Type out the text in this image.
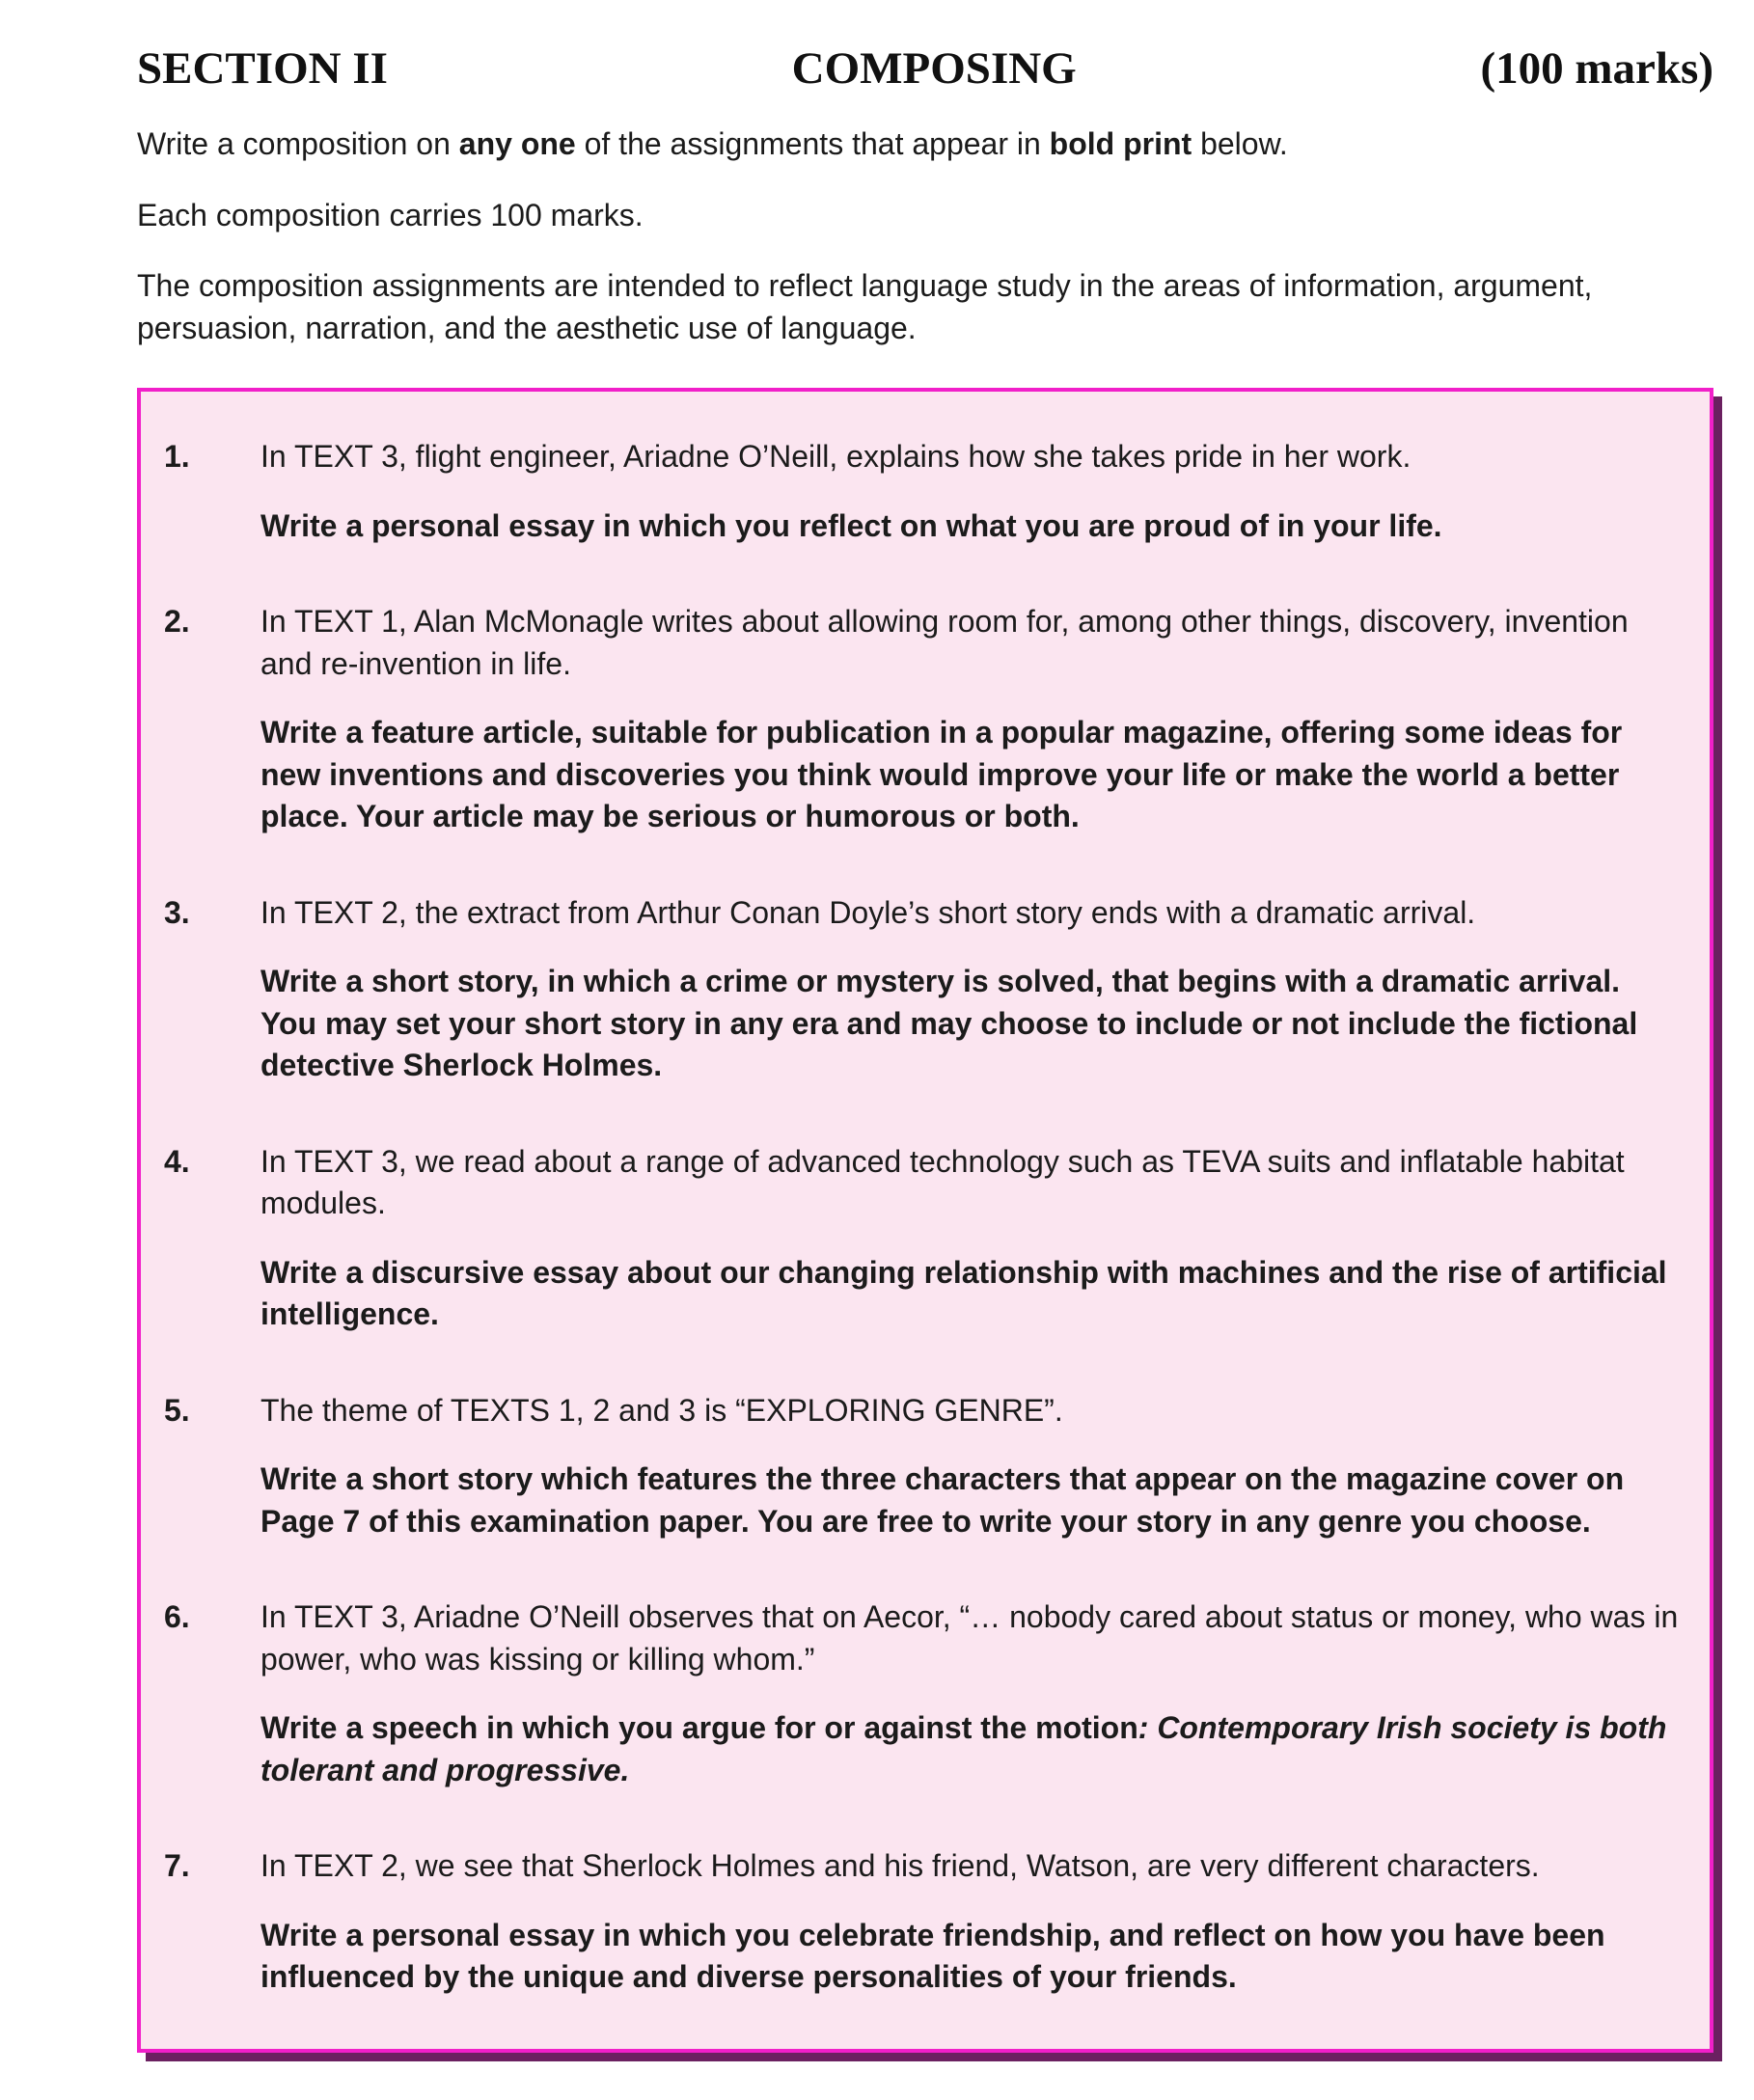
SECTION II	COMPOSING	(100 marks)

Write a composition on any one of the assignments that appear in bold print below.

Each composition carries 100 marks.

The composition assignments are intended to reflect language study in the areas of information, argument, persuasion, narration, and the aesthetic use of language.

1.	In TEXT 3, flight engineer, Ariadne O’Neill, explains how she takes pride in her work.

Write a personal essay in which you reflect on what you are proud of in your life.

2.	In TEXT 1, Alan McMonagle writes about allowing room for, among other things, discovery, invention and re-invention in life.

Write a feature article, suitable for publication in a popular magazine, offering some ideas for new inventions and discoveries you think would improve your life or make the world a better place. Your article may be serious or humorous or both.

3.	In TEXT 2, the extract from Arthur Conan Doyle’s short story ends with a dramatic arrival.

Write a short story, in which a crime or mystery is solved, that begins with a dramatic arrival. You may set your short story in any era and may choose to include or not include the fictional detective Sherlock Holmes.

4.	In TEXT 3, we read about a range of advanced technology such as TEVA suits and inflatable habitat modules.

Write a discursive essay about our changing relationship with machines and the rise of artificial intelligence.

5.	The theme of TEXTS 1, 2 and 3 is “EXPLORING GENRE”.

Write a short story which features the three characters that appear on the magazine cover on Page 7 of this examination paper. You are free to write your story in any genre you choose.

6.	In TEXT 3, Ariadne O’Neill observes that on Aecor, “… nobody cared about status or money, who was in power, who was kissing or killing whom.”

Write a speech in which you argue for or against the motion: Contemporary Irish society is both tolerant and progressive.

7.	In TEXT 2, we see that Sherlock Holmes and his friend, Watson, are very different characters.

Write a personal essay in which you celebrate friendship, and reflect on how you have been influenced by the unique and diverse personalities of your friends.
